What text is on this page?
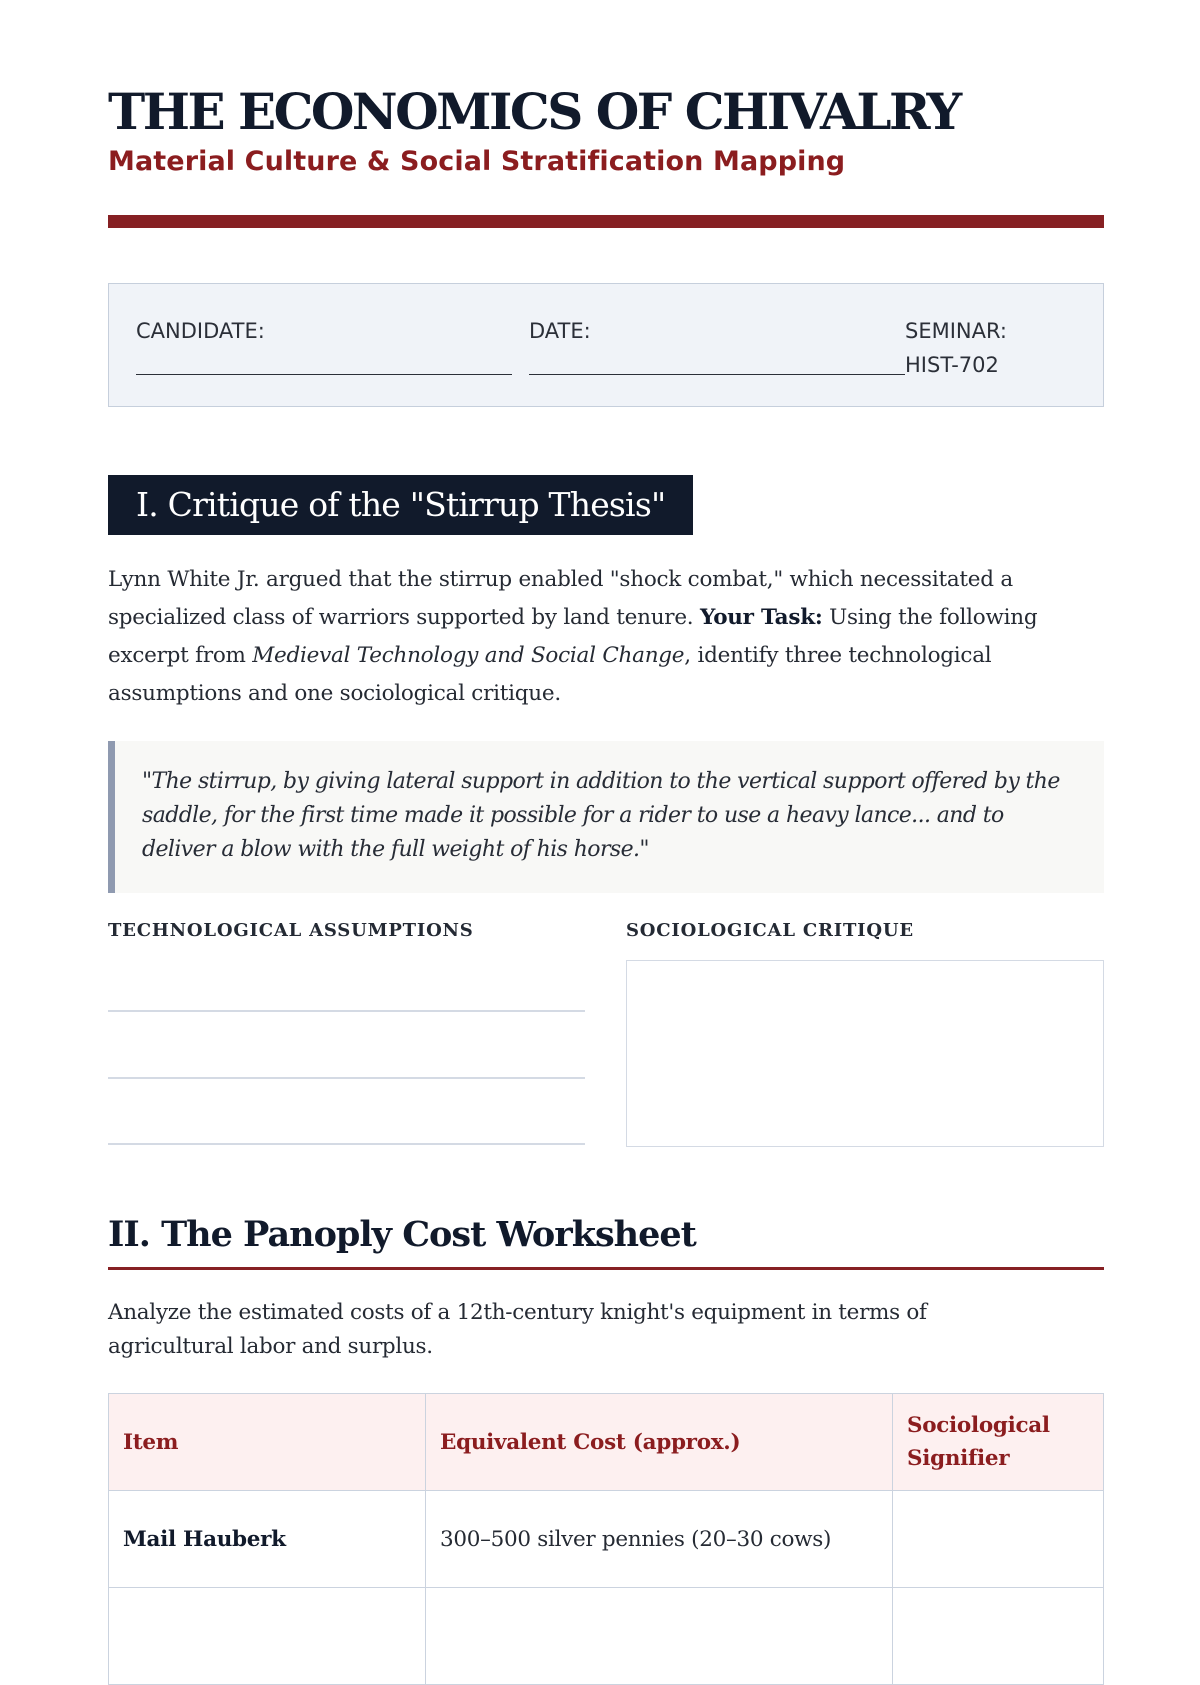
THE ECONOMICS OF CHIVALRY
Material Culture & Social Stratification Mapping
CANDIDATE:	DATE:	SEMINAR:
HIST-702
I. Critique of the "Stirrup Thesis"

Lynn White Jr. argued that the stirrup enabled "shock combat," which necessitated a specialized class of warriors supported by land tenure. Your Task: Using the following excerpt from Medieval Technology and Social Change, identify three technological assumptions and one sociological critique.

"The stirrup, by giving lateral support in addition to the vertical support offered by the saddle, for the first time made it possible for a rider to use a heavy lance... and to deliver a blow with the full weight of his horse."
TECHNOLOGICAL ASSUMPTIONS	SOCIOLOGICAL CRITIQUE
II. The Panoply Cost Worksheet

Analyze the estimated costs of a 12th-century knight's equipment in terms of agricultural labor and surplus.

Item	Equivalent Cost (approx.)	Sociological Signifier
Mail Hauberk	300–500 silver pennies (20–30 cows)	
